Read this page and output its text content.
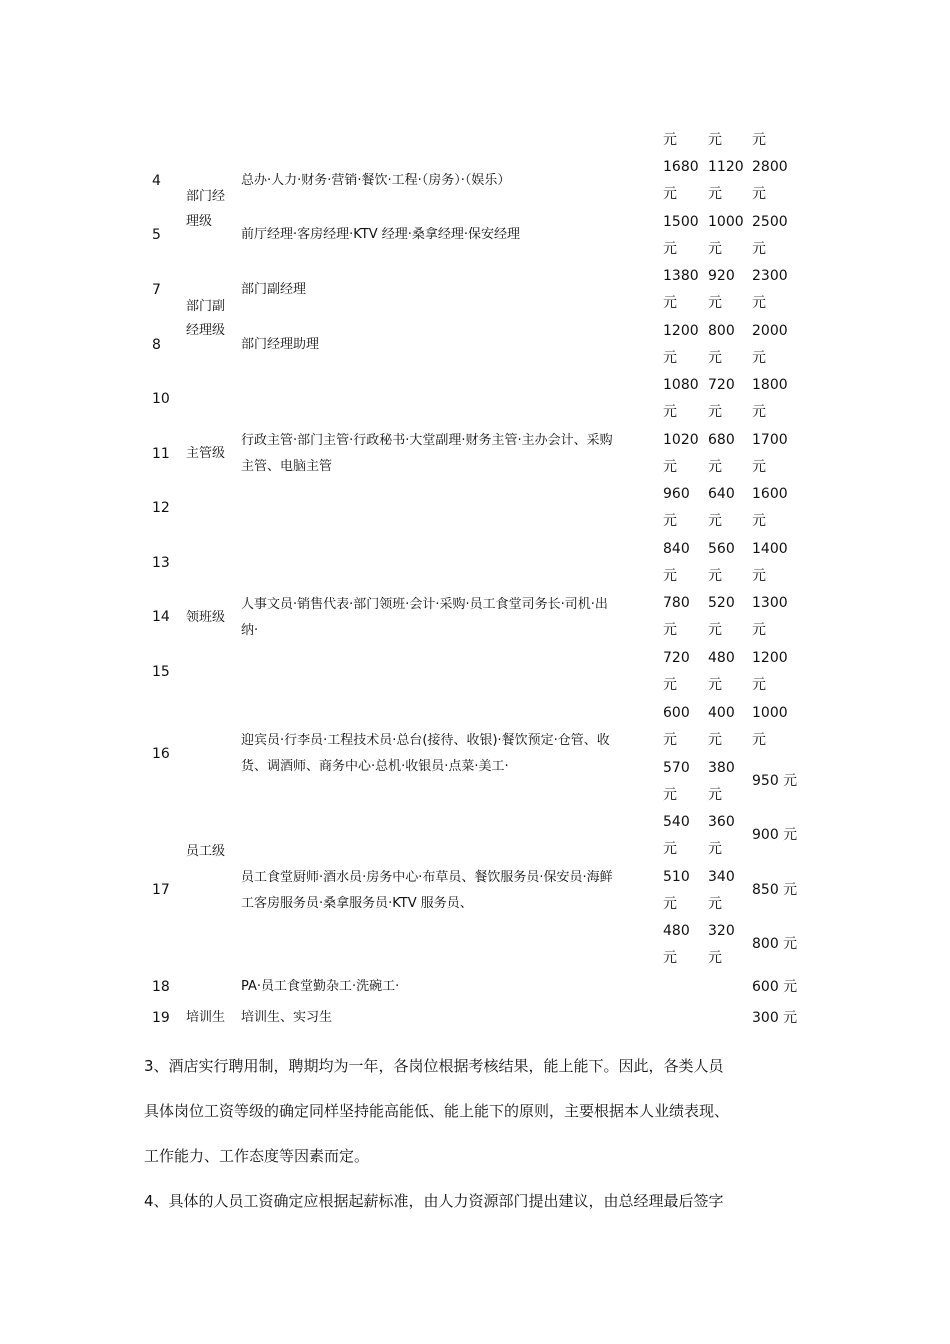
元 元 元
4
5
7
8
10
11
12
13
14
15
16
17
18
19
部门经
理级
部门副
经理级
主管级
领班级
员工级
培训生
总办·人力·财务·营销·餐饮·工程·（房务）·（娱乐）
前厅经理·客房经理·KTV 经理·桑拿经理·保安经理
部门副经理
部门经理助理
行政主管·部门主管·行政秘书·大堂副理·财务主管·主办会计、采购
主管、电脑主管
人事文员·销售代表·部门领班·会计·采购·员工食堂司务长·司机·出
纳·
迎宾员·行李员·工程技术员·总台(接待、收银)·餐饮预定·仓管、收
货、调酒师、商务中心·总机·收银员·点菜·美工·
员工食堂厨师·酒水员·房务中心·布草员、餐饮服务员·保安员·海鲜
工客房服务员·桑拿服务员·KTV 服务员、
PA·员工食堂勤杂工·洗碗工·
培训生、实习生
1680
元
1500
元
1380
元
1200
元
1080
元
1020
元
960
元
840
元
780
元
720
元
600
元
570
元
540
元
510
元
480
元
1120
元
1000
元
920
元
800
元
720
元
680
元
640
元
560
元
520
元
480
元
400
元
380
元
360
元
340
元
320
元
2800
元
2500
元
2300
元
2000
元
1800
元
1700
元
1600
元
1400
元
1300
元
1200
元
1000
元
950 元
900 元
850 元
800 元
600 元
300 元
3、酒店实行聘用制，聘期均为一年，各岗位根据考核结果，能上能下。因此，各类人员
具体岗位工资等级的确定同样坚持能高能低、能上能下的原则，主要根据本人业绩表现、
工作能力、工作态度等因素而定。
4、具体的人员工资确定应根据起薪标准，由人力资源部门提出建议，由总经理最后签字
